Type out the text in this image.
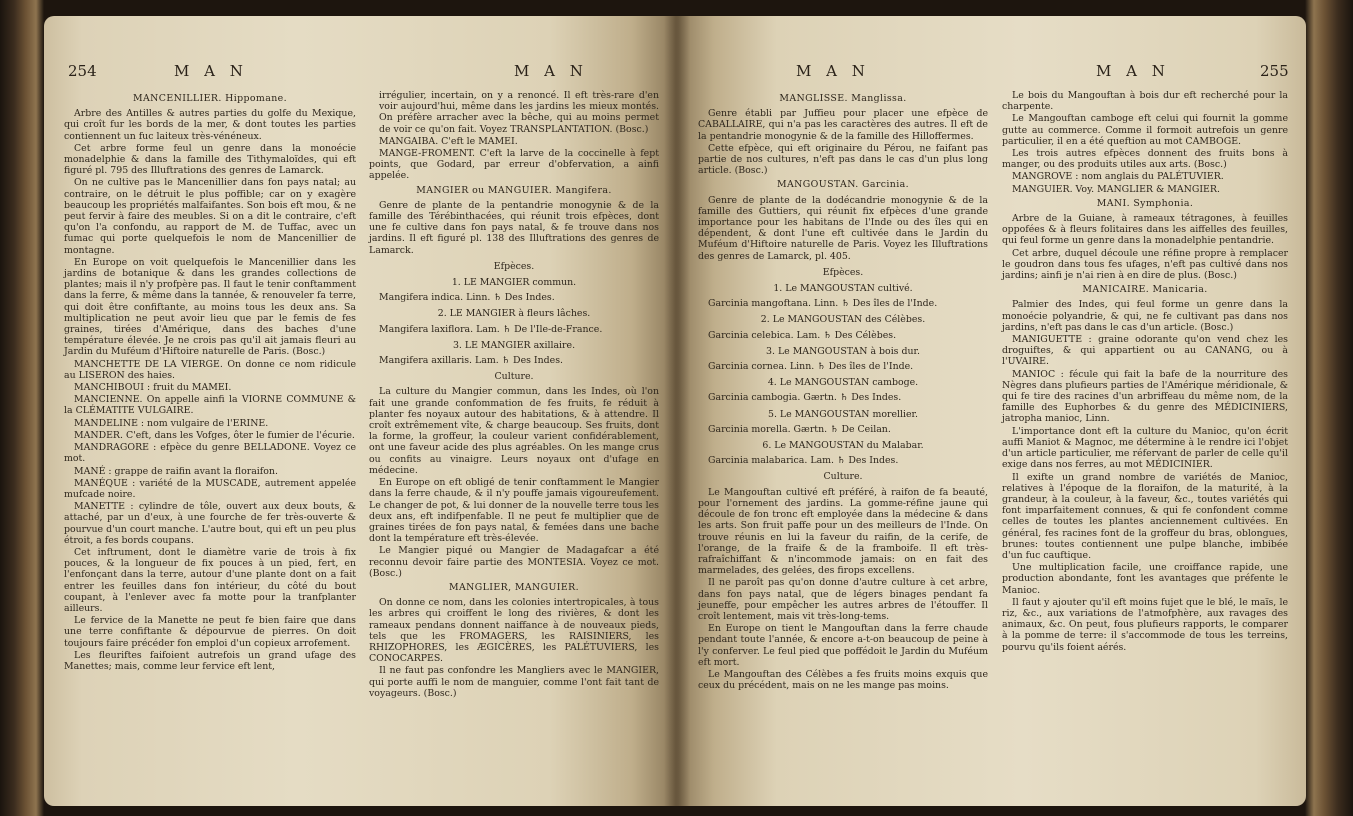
254	M A N	M A N

MANCENILLIER. Hippomane.

Arbre des Antilles & autres parties du golfe du Mexique, qui croît fur les bords de la mer, & dont toutes les parties contiennent un fuc laiteux très-vénéneux.

Cet arbre forme feul un genre dans la monoécie monadelphie & dans la famille des Tithymaloïdes, qui eft figuré pl. 795 des Illuftrations des genres de Lamarck.

On ne cultive pas le Mancenillier dans fon pays natal; au contraire, on le détruit le plus poffible; car on y exagère beaucoup les propriétés malfaifantes. Son bois eft mou, & ne peut fervir à faire des meubles. Si on a dit le contraire, c'eft qu'on l'a confondu, au rapport de M. de Tuffac, avec un fumac qui porte quelquefois le nom de Mancenillier de montagne.

En Europe on voit quelquefois le Mancenillier dans les jardins de botanique & dans les grandes collections de plantes; mais il n'y profpère pas. Il faut le tenir conftamment dans la ferre, & même dans la tannée, & renouveler fa terre, qui doit être confiftante, au moins tous les deux ans. Sa multiplication ne peut avoir lieu que par le femis de fes graines, tirées d'Amérique, dans des baches d'une température élevée. Je ne crois pas qu'il ait jamais fleuri au Jardin du Muféum d'Hiftoire naturelle de Paris. (Bosc.)

MANCHETTE DE LA VIERGE. On donne ce nom ridicule au LISERON des haies.

MANCHIBOUI : fruit du MAMEI.

MANCIENNE. On appelle ainfi la VIORNE COMMUNE & la CLÉMATITE VULGAIRE.

MANDELINE : nom vulgaire de l'ERINE.

MANDER. C'eft, dans les Vofges, ôter le fumier de l'écurie.

MANDRAGORE : efpèce du genre BELLADONE. Voyez ce mot.

MANÉ : grappe de raifin avant la floraifon.

MANÉQUE : variété de la MUSCADE, autrement appelée mufcade noire.

MANETTE : cylindre de tôle, ouvert aux deux bouts, & attaché, par un d'eux, à une fourche de fer très-ouverte & pourvue d'un court manche. L'autre bout, qui eft un peu plus étroit, a fes bords coupans.

Cet inftrument, dont le diamètre varie de trois à fix pouces, & la longueur de fix pouces à un pied, fert, en l'enfonçant dans la terre, autour d'une plante dont on a fait entrer les feuilles dans fon intérieur, du côté du bout coupant, à l'enlever avec fa motte pour la tranfplanter ailleurs.

Le fervice de la Manette ne peut fe bien faire que dans une terre confiftante & dépourvue de pierres. On doit toujours faire précéder fon emploi d'un copieux arrofement.

Les fleuriftes faifoient autrefois un grand ufage des Manettes; mais, comme leur fervice eft lent,

irrégulier, incertain, on y a renoncé. Il eft très-rare d'en voir aujourd'hui, même dans les jardins les mieux montés. On préfère arracher avec la bêche, qui au moins permet de voir ce qu'on fait. Voyez TRANSPLANTATION. (Bosc.)

MANGAIBA. C'eft le MAMEI.

MANGE-FROMENT. C'eft la larve de la coccinelle à fept points, que Godard, par erreur d'obfervation, a ainfi appelée.

MANGIER ou MANGUIER. Mangifera.

Genre de plante de la pentandrie monogynie & de la famille des Térébinthacées, qui réunit trois efpèces, dont une fe cultive dans fon pays natal, & fe trouve dans nos jardins. Il eft figuré pl. 138 des Illuftrations des genres de Lamarck.

Efpèces.

1. LE MANGIER commun.

Mangifera indica. Linn. ♄ Des Indes.

2. LE MANGIER à fleurs lâches.

Mangifera laxiflora. Lam. ♄ De l'Ile-de-France.

3. LE MANGIER axillaire.

Mangifera axillaris. Lam. ♄ Des Indes.

Culture.

La culture du Mangier commun, dans les Indes, où l'on fait une grande confommation de fes fruits, fe réduit à planter fes noyaux autour des habitations, & à attendre. Il croît extrêmement vîte, & charge beaucoup. Ses fruits, dont la forme, la groffeur, la couleur varient confidérablement, ont une faveur acide des plus agréables. On les mange crus ou confits au vinaigre. Leurs noyaux ont d'ufage en médecine.

En Europe on eft obligé de tenir conftamment le Mangier dans la ferre chaude, & il n'y pouffe jamais vigoureufement. Le changer de pot, & lui donner de la nouvelle terre tous les deux ans, eft indifpenfable. Il ne peut fe multiplier que de graines tirées de fon pays natal, & femées dans une bache dont la température eft très-élevée.

Le Mangier piqué ou Mangier de Madagafcar a été reconnu devoir faire partie des MONTESIA. Voyez ce mot. (Bosc.)

MANGLIER, MANGUIER.

On donne ce nom, dans les colonies intertropicales, à tous les arbres qui croiffent le long des rivières, & dont les rameaux pendans donnent naiffance à de nouveaux pieds, tels que les FROMAGERS, les RAISINIERS, les RHIZOPHORES, les ÆGICÈRES, les PALÉTUVIERS, les CONOCARPES.

Il ne faut pas confondre les Mangliers avec le MANGIER, qui porte auffi le nom de manguier, comme l'ont fait tant de voyageurs. (Bosc.)

M A N	M A N	255

MANGLISSE. Manglissa.

Genre établi par Juffieu pour placer une efpèce de CABALLAIRE, qui n'a pas les caractères des autres. Il eft de la pentandrie monogynie & de la famille des Hilloffermes.

Cette efpèce, qui eft originaire du Pérou, ne faifant pas partie de nos cultures, n'eft pas dans le cas d'un plus long article. (Bosc.)

MANGOUSTAN. Garcinia.

Genre de plante de la dodécandrie monogynie & de la famille des Guttiers, qui réunit fix efpèces d'une grande importance pour les habitans de l'Inde ou des îles qui en dépendent, & dont l'une eft cultivée dans le Jardin du Muféum d'Hiftoire naturelle de Paris. Voyez les Illuftrations des genres de Lamarck, pl. 405.

Efpèces.

1. Le MANGOUSTAN cultivé.

Garcinia mangoftana. Linn. ♄ Des îles de l'Inde.

2. Le MANGOUSTAN des Célèbes.

Garcinia celebica. Lam. ♄ Des Célèbes.

3. Le MANGOUSTAN à bois dur.

Garcinia cornea. Linn. ♄ Des îles de l'Inde.

4. Le MANGOUSTAN camboge.

Garcinia cambogia. Gærtn. ♄ Des Indes.

5. Le MANGOUSTAN morellier.

Garcinia morella. Gærtn. ♄ De Ceilan.

6. Le MANGOUSTAN du Malabar.

Garcinia malabarica. Lam. ♄ Des Indes.

Culture.

Le Mangouftan cultivé eft préféré, à raifon de fa beauté, pour l'ornement des jardins. La gomme-réfine jaune qui découle de fon tronc eft employée dans la médecine & dans les arts. Son fruit paffe pour un des meilleurs de l'Inde. On trouve réunis en lui la faveur du raifin, de la cerife, de l'orange, de la fraife & de la framboife. Il eft très-rafraîchiffant & n'incommode jamais: on en fait des marmelades, des gelées, des firops excellens.

Il ne paroît pas qu'on donne d'autre culture à cet arbre, dans fon pays natal, que de légers binages pendant fa jeuneffe, pour empêcher les autres arbres de l'étouffer. Il croît lentement, mais vit très-long-tems.

En Europe on tient le Mangouftan dans la ferre chaude pendant toute l'année, & encore a-t-on beaucoup de peine à l'y conferver. Le feul pied que poffédoit le Jardin du Muféum eft mort.

Le Mangouftan des Célèbes a fes fruits moins exquis que ceux du précédent, mais on ne les mange pas moins.

Le bois du Mangouftan à bois dur eft recherché pour la charpente.

Le Mangouftan camboge eft celui qui fournit la gomme gutte au commerce. Comme il formoit autrefois un genre particulier, il en a été queftion au mot CAMBOGE.

Les trois autres efpèces donnent des fruits bons à manger, ou des produits utiles aux arts. (Bosc.)

MANGROVE : nom anglais du PALÉTUVIER.

MANGUIER. Voy. MANGLIER & MANGIER.

MANI. Symphonia.

Arbre de la Guiane, à rameaux tétragones, à feuilles oppofées & à fleurs folitaires dans les aiffelles des feuilles, qui feul forme un genre dans la monadelphie pentandrie.

Cet arbre, duquel découle une réfine propre à remplacer le goudron dans tous fes ufages, n'eft pas cultivé dans nos jardins; ainfi je n'ai rien à en dire de plus. (Bosc.)

MANICAIRE. Manicaria.

Palmier des Indes, qui feul forme un genre dans la monoécie polyandrie, & qui, ne fe cultivant pas dans nos jardins, n'eft pas dans le cas d'un article. (Bosc.)

MANIGUETTE : graine odorante qu'on vend chez les droguiftes, & qui appartient ou au CANANG, ou à l'UVAIRE.

MANIOC : fécule qui fait la bafe de la nourriture des Nègres dans plufieurs parties de l'Amérique méridionale, & qui fe tire des racines d'un arbriffeau du même nom, de la famille des Euphorbes & du genre des MÉDICINIERS, jatropha manioc, Linn.

L'importance dont eft la culture du Manioc, qu'on écrit auffi Maniot & Magnoc, me détermine à le rendre ici l'objet d'un article particulier, me réfervant de parler de celle qu'il exige dans nos ferres, au mot MÉDICINIER.

Il exifte un grand nombre de variétés de Manioc, relatives à l'époque de la floraifon, de la maturité, à la grandeur, à la couleur, à la faveur, &c., toutes variétés qui font imparfaitement connues, & qui fe confondent comme celles de toutes les plantes anciennement cultivées. En général, fes racines font de la groffeur du bras, oblongues, brunes: toutes contiennent une pulpe blanche, imbibée d'un fuc cauftique.

Une multiplication facile, une croiffance rapide, une production abondante, font les avantages que préfente le Manioc.

Il faut y ajouter qu'il eft moins fujet que le blé, le maïs, le riz, &c., aux variations de l'atmofphère, aux ravages des animaux, &c. On peut, fous plufieurs rapports, le comparer à la pomme de terre: il s'accommode de tous les terreins, pourvu qu'ils foient aérés.
